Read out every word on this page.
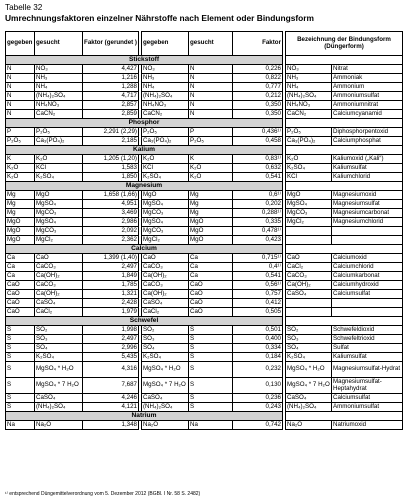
Tabelle 32
Umrechnungsfaktoren einzelner Nährstoffe nach Element oder Bindungsform
gegeben	gesucht	Faktor (gerundet )		gegeben	gesucht	Faktor		Bezeichnung der Bindungsform (Düngerform)	
Stickstoff									
N	NO₃	4,427		NO₃	N	0,226		NO₃	Nitrat
N	NH₃	1,216		NH₃	N	0,822		NH₃	Ammoniak
N	NH₄	1,288		NH₄	N	0,777		NH₄	Ammonium
N	(NH₄)₂SO₄	4,717		(NH₄)₂SO₄	N	0,212		(NH₄)₂SO₄	Ammoniumsulfat
N	NH₄NO₃	2,857		NH₄NO₃	N	0,350		NH₄NO₃	Ammoniumnitrat
N	CaCN₂	2,859		CaCN₂	N	0,350		CaCN₂	Calciumcyanamid
Phosphor									
P	P₂O₅	2,291 (2,29)		P₂O₅	P	0,436¹⁾		P₂O₅	Diphosphorpentoxid
P₂O₅	Ca₃(PO₄)₂	2,185		Ca₃(PO₄)₂	P₂O₅	0,458		Ca₃(PO₄)₂	Calciumphosphat
Kalium									
K	K₂O	1,205 (1,20)		K₂O	K	0,83¹⁾		K₂O	Kaliumoxid („Kali“)
K₂O	KCl	1,583		KCl	K₂O	0,632		K₂SO₄	Kaliumsulfat
K₂O	K₂SO₄	1,850		K₂SO₄	K₂O	0,541		KCl	Kaliumchlorid
Magnesium									
Mg	MgO	1,658 (1,66)		MgO	Mg	0,6¹⁾		MgO	Magnesiumoxid
Mg	MgSO₄	4,951		MgSO₄	Mg	0,202		MgSO₄	Magnesiumsulfat
Mg	MgCO₃	3,469		MgCO₃	Mg	0,288¹⁾		MgCO₃	Magnesiumcarbonat
MgO	MgSO₄	2,986		MgSO₄	MgO	0,335		MgCl₂	Magnesiumchlorid
MgO	MgCO₃	2,092		MgCO₃	MgO	0,478¹⁾			
MgO	MgCl₂	2,362		MgCl₂	MgO	0,423			
Calcium									
Ca	CaO	1,399 (1,40)		CaO	Ca	0,715¹⁾		CaO	Calciumoxid
Ca	CaCO₃	2,497		CaCO₃	Ca	0,4¹⁾		CaCl₂	Calciumchlorid
Ca	Ca(OH)₂	1,849		Ca(OH)₂	Ca	0,541		CaCO₃	Calciumkarbonat
CaO	CaCO₃	1,785		CaCO₃	CaO	0,56¹⁾		Ca(OH)₂	Calciumhydroxid
CaO	Ca(OH)₂	1,321		Ca(OH)₂	CaO	0,757		CaSO₄	Calciumsulfat
CaO	CaSO₄	2,428		CaSO₄	CaO	0,412			
CaO	CaCl₂	1,979		CaCl₂	CaO	0,505			
Schwefel									
S	SO₂	1,998		SO₂	S	0,501		SO₂	Schwefeldioxid
S	SO₃	2,497		SO₃	S	0,400		SO₃	Schwefeltrioxid
S	SO₄	2,996		SO₄	S	0,334		SO₄	Sulfat
S	K₂SO₄	5,435		K₂SO₄	S	0,184		K₂SO₄	Kaliumsulfat
S	MgSO₄ * H₂O	4,316		MgSO₄ * H₂O	S	0,232		MgSO₄ * H₂O	Magnesiumsulfat-Hydrat
S	MgSO₄ * 7 H₂O	7,687		MgSO₄ * 7 H₂O	S	0,130		MgSO₄ * 7 H₂O	Magnesiumsulfat-Heptahydrat
S	CaSO₄	4,246		CaSO₄	S	0,236		CaSO₄	Calciumsulfat
S	(NH₄)₂SO₄	4,121		(NH₄)₂SO₄	S	0,243		(NH₄)₂SO₄	Ammoniumsulfat
Natrium									
Na	Na₂O	1,348		Na₂O	Na	0,742		Na₂O	Natriumoxid
¹⁾ entsprechend Düngemittelverordnung vom 5. Dezember 2012 (BGBl. I Nr. 58 S. 2482)
